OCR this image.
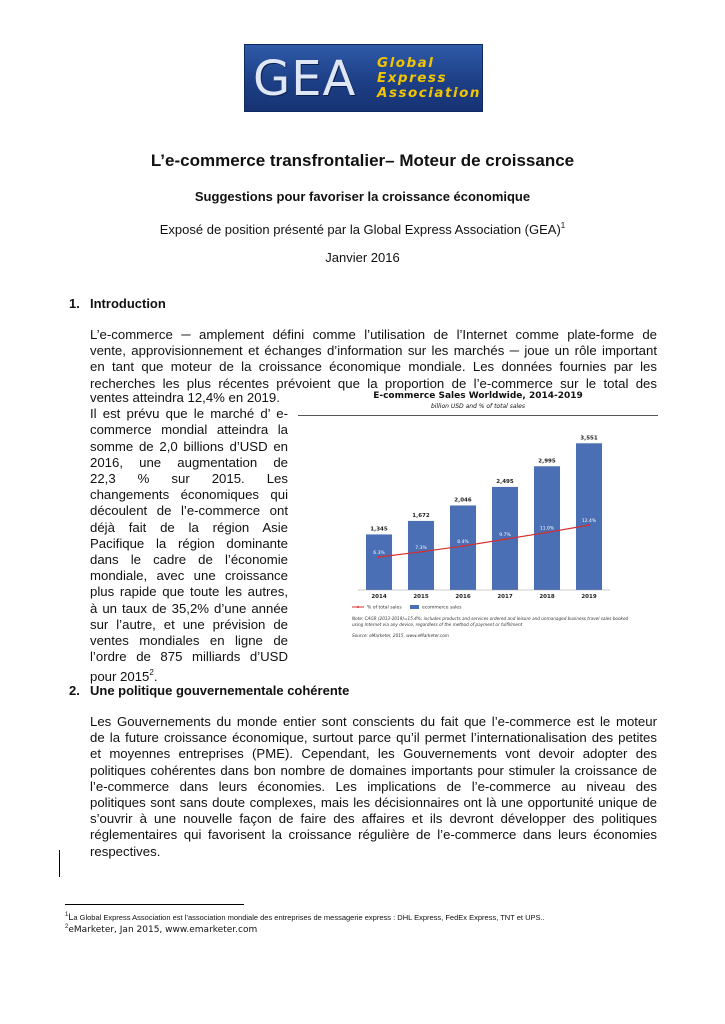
GEA Global
Express
Association
L’e-commerce transfrontalier– Moteur de croissance
Suggestions pour favoriser la croissance économique
Exposé de position présenté par la Global Express Association (GEA)$^1$
Janvier 2016
1. Introduction
L’e-commerce ─ amplement défini comme l’utilisation de l’Internet comme plate-forme de
vente, approvisionnement et échanges d’information sur les marchés ─ joue un rôle important
en tant que moteur de la croissance économique mondiale. Les données fournies par les
recherches les plus récentes prévoient que la proportion de l’e-commerce sur le total des
ventes atteindra 12,4% en 2019.
Il est prévu que le marché d’ e-
commerce mondial atteindra la
somme de 2,0 billions d’USD en
2016, une augmentation de
22,3 % sur 2015. Les
changements économiques qui
découlent de l’e-commerce ont
déjà fait de la région Asie
Pacifique la région dominante
dans le cadre de l’économie
mondiale, avec une croissance
plus rapide que toute les autres,
à un taux de 35,2% d’une année
sur l’autre, et une prévision de
ventes mondiales en ligne de
l’ordre de 875 milliards d’USD
pour 2015$^2$.
E-commerce Sales Worldwide, 2014-2019
billion USD and % of total sales
1,345
2014
1,672
2015
2,046
2016
2,495
2017
2,995
2018
3,551
2019
6.3%
7.3%
8.4%
9.7%
11.0%
12.4%
% of total sales	ecommerce sales
Note: CAGR (2013-2019)=15.4%; includes products and services ordered and leisure and unmanaged business travel sales booked using Internet via any device, regardless of the method of payment or fulfillment
Source: eMarketer, 2015, www.eMarketer.com
2. Une politique gouvernementale cohérente
Les Gouvernements du monde entier sont conscients du fait que l’e-commerce est le moteur
de la future croissance économique, surtout parce qu’il permet l’internationalisation des petites
et moyennes entreprises (PME). Cependant, les Gouvernements vont devoir adopter des
politiques cohérentes dans bon nombre de domaines importants pour stimuler la croissance de
l’e-commerce dans leurs économies. Les implications de l’e-commerce au niveau des
politiques sont sans doute complexes, mais les décisionnaires ont là une opportunité unique de
s’ouvrir à une nouvelle façon de faire des affaires et ils devront développer des politiques
réglementaires qui favorisent la croissance régulière de l’e-commerce dans leurs économies
respectives.
$^1$La Global Express Association est l’association mondiale des entreprises de messagerie express : DHL Express, FedEx Express, TNT et UPS..
$^2$eMarketer, Jan 2015, www.emarketer.com
